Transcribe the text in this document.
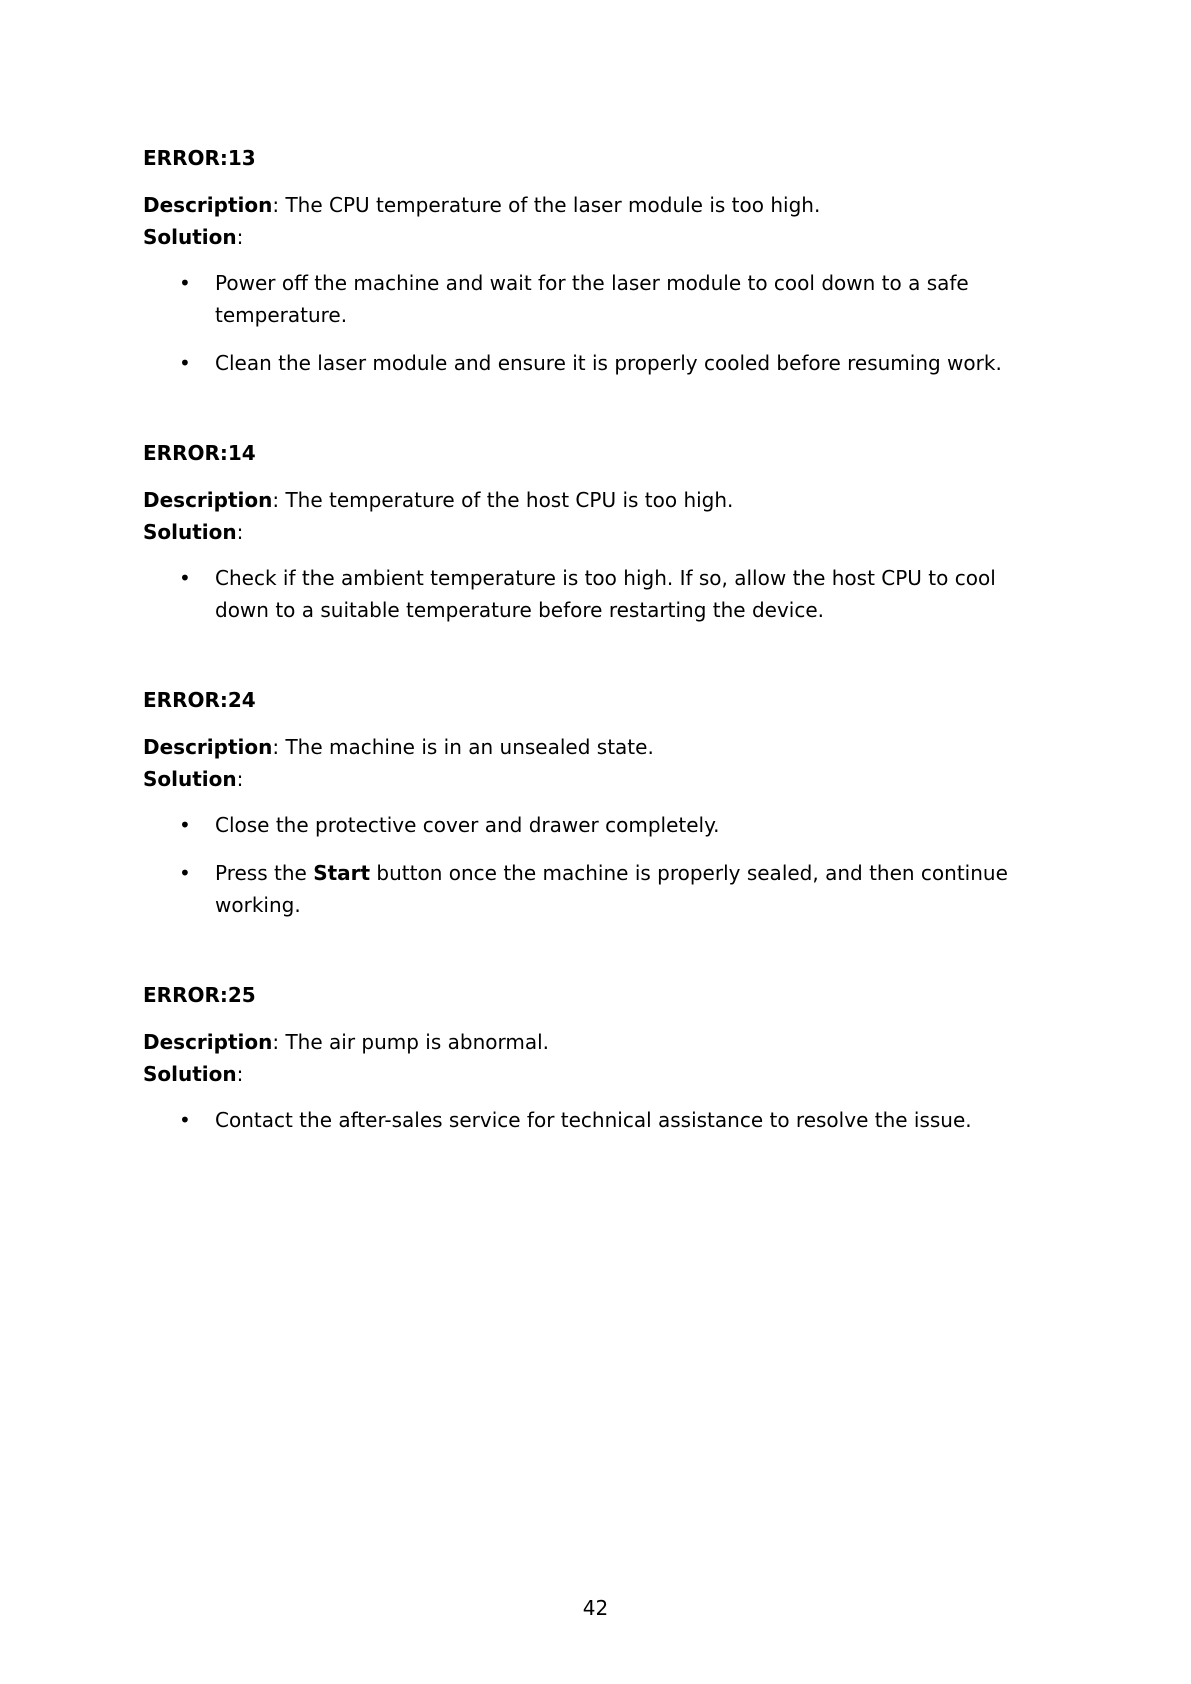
ERROR:13

Description: The CPU temperature of the laser module is too high.

Solution:

• Power off the machine and wait for the laser module to cool down to a safe temperature.
• Clean the laser module and ensure it is properly cooled before resuming work.

ERROR:14

Description: The temperature of the host CPU is too high.

Solution:

• Check if the ambient temperature is too high. If so, allow the host CPU to cool down to a suitable temperature before restarting the device.

ERROR:24

Description: The machine is in an unsealed state.

Solution:

• Close the protective cover and drawer completely.
• Press the Start button once the machine is properly sealed, and then continue working.

ERROR:25

Description: The air pump is abnormal.

Solution:

• Contact the after-sales service for technical assistance to resolve the issue.
42
